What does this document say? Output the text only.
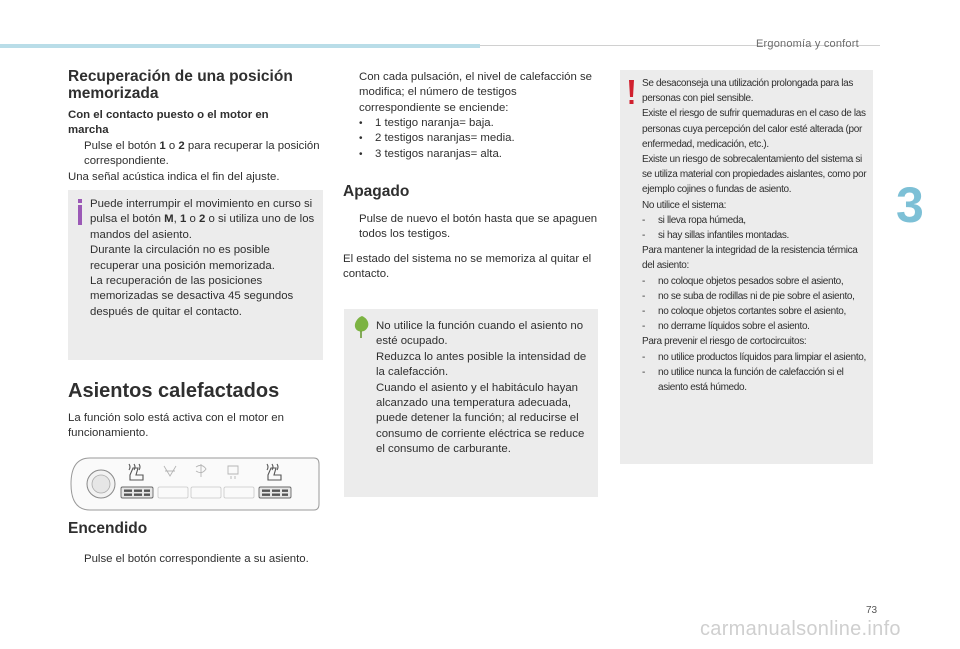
Ergonomía y confort
3
Recuperación de una posición
memorizada
Con el contacto puesto o el motor en
marcha
Pulse el botón 1 o 2 para recuperar la posición correspondiente.
Una señal acústica indica el fin del ajuste.
Puede interrumpir el movimiento en curso si pulsa el botón M, 1 o 2 o si utiliza uno de los mandos del asiento.
Durante la circulación no es posible recuperar una posición memorizada.
La recuperación de las posiciones memorizadas se desactiva 45 segundos después de quitar el contacto.
Asientos calefactados
La función solo está activa con el motor en funcionamiento.
Encendido
Pulse el botón correspondiente a su asiento.
Con cada pulsación, el nivel de calefacción se modifica; el número de testigos correspondiente se enciende:
• 1 testigo naranja= baja.
• 2 testigos naranjas= media.
• 3 testigos naranjas= alta.
Apagado
Pulse de nuevo el botón hasta que se apaguen todos los testigos.
El estado del sistema no se memoriza al quitar el contacto.
No utilice la función cuando el asiento no esté ocupado.
Reduzca lo antes posible la intensidad de la calefacción.
Cuando el asiento y el habitáculo hayan alcanzado una temperatura adecuada, puede detener la función; al reducirse el consumo de corriente eléctrica se reduce el consumo de carburante.
Se desaconseja una utilización prolongada para las personas con piel sensible.
Existe el riesgo de sufrir quemaduras en el caso de las personas cuya percepción del calor esté alterada (por enfermedad, medicación, etc.).
Existe un riesgo de sobrecalentamiento del sistema si se utiliza material con propiedades aislantes, como por ejemplo cojines o fundas de asiento.
No utilice el sistema:
- si lleva ropa húmeda,
- si hay sillas infantiles montadas.
Para mantener la integridad de la resistencia térmica del asiento:
- no coloque objetos pesados sobre el asiento,
- no se suba de rodillas ni de pie sobre el asiento,
- no coloque objetos cortantes sobre el asiento,
- no derrame líquidos sobre el asiento.
Para prevenir el riesgo de cortocircuitos:
- no utilice productos líquidos para limpiar el asiento,
- no utilice nunca la función de calefacción si el asiento está húmedo.
73
carmanualsonline.info
